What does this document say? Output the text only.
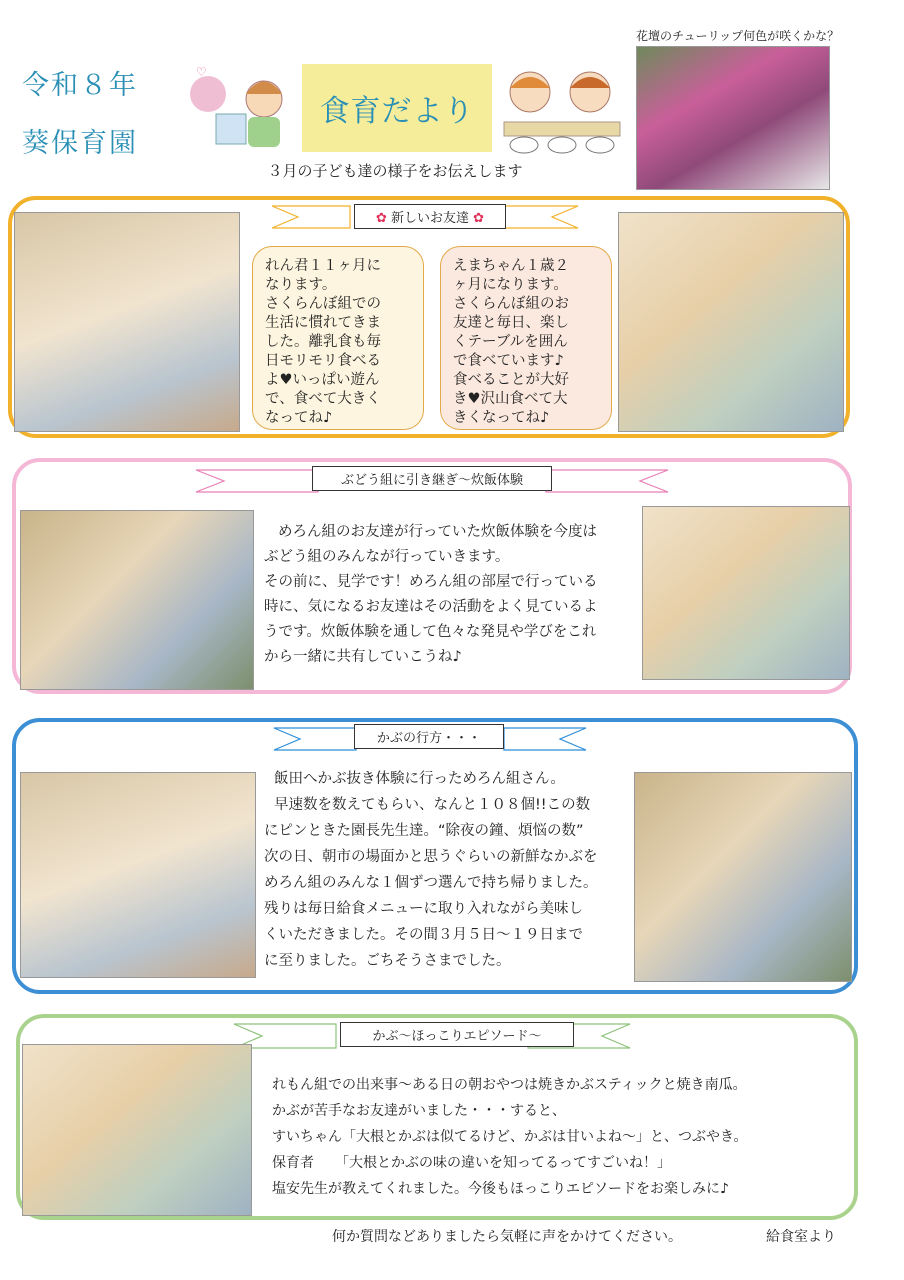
令和８年
葵保育園
♡
食育だより
花壇のチューリップ何色が咲くかな？
３月の子ども達の様子をお伝えします
✿ 新しいお友達 ✿
れん君１１ヶ月に
なります。
さくらんぼ組での
生活に慣れてきま
した。離乳食も毎
日モリモリ食べる
よ♥いっぱい遊ん
で、食べて大きく
なってね♪
えまちゃん１歳２
ヶ月になります。
さくらんぼ組のお
友達と毎日、楽し
くテーブルを囲ん
で食べています♪
食べることが大好
き♥沢山食べて大
きくなってね♪
ぶどう組に引き継ぎ～炊飯体験
めろん組のお友達が行っていた炊飯体験を今度は
ぶどう組のみんなが行っていきます。
その前に、見学です！めろん組の部屋で行っている
時に、気になるお友達はその活動をよく見ているよ
うです。炊飯体験を通して色々な発見や学びをこれ
から一緒に共有していこうね♪
かぶの行方・・・
飯田へかぶ抜き体験に行っためろん組さん。
早速数を数えてもらい、なんと１０８個!!この数
にピンときた園長先生達。“除夜の鐘、煩悩の数”
次の日、朝市の場面かと思うぐらいの新鮮なかぶを
めろん組のみんな１個ずつ選んで持ち帰りました。
残りは毎日給食メニューに取り入れながら美味し
くいただきました。その間３月５日～１９日まで
に至りました。ごちそうさまでした。
かぶ～ほっこりエピソード～
れもん組での出来事～ある日の朝おやつは焼きかぶスティックと焼き南瓜。
かぶが苦手なお友達がいました・・・すると、
すいちゃん「大根とかぶは似てるけど、かぶは甘いよね～」と、つぶやき。
保育者　　「大根とかぶの味の違いを知ってるってすごいね！」
塩安先生が教えてくれました。今後もほっこりエピソードをお楽しみに♪
何か質問などありましたら気軽に声をかけてください。	給食室より
